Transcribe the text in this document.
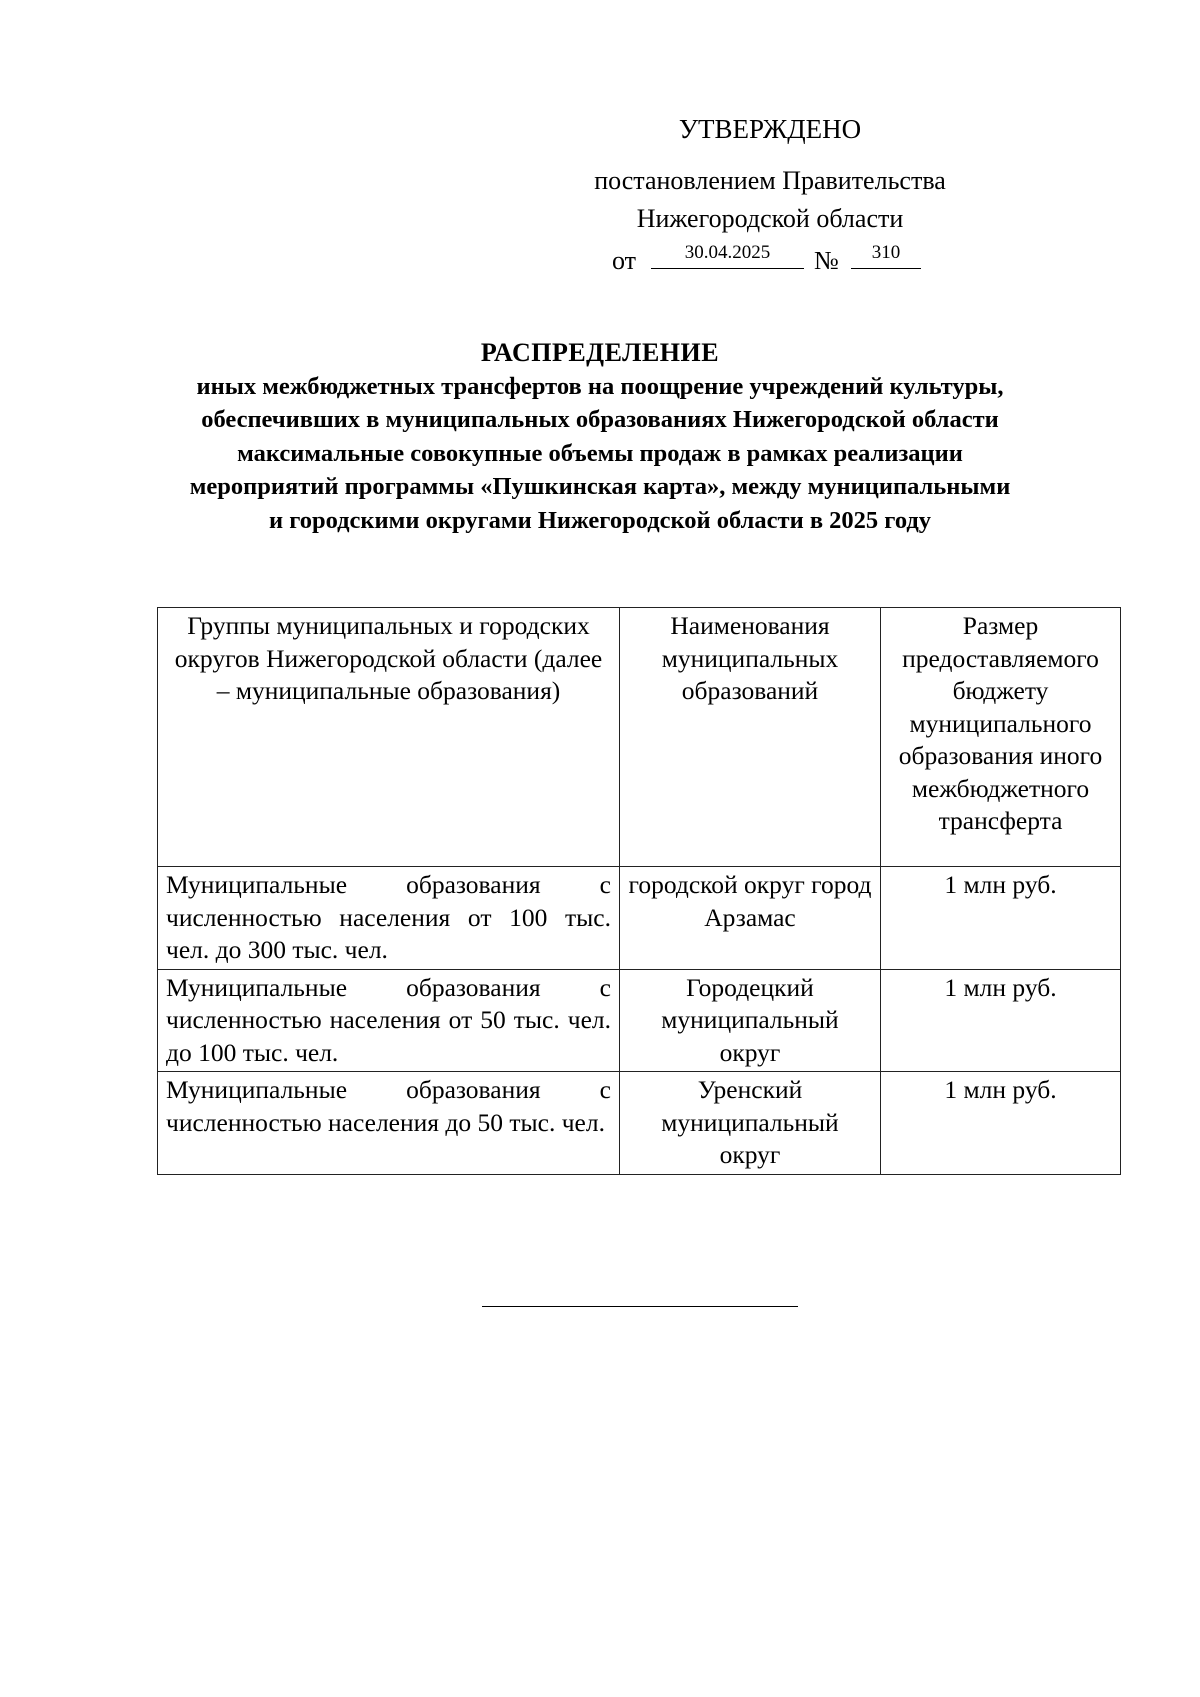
УТВЕРЖДЕНО
постановлением Правительства
Нижегородской области
от	30.04.2025	№	310
РАСПРЕДЕЛЕНИЕ
иных межбюджетных трансфертов на поощрение учреждений культуры,
обеспечивших в муниципальных образованиях Нижегородской области
максимальные совокупные объемы продаж в рамках реализации
мероприятий программы «Пушкинская карта», между муниципальными
и городскими округами Нижегородской области в 2025 году
Группы муниципальных и городских округов Нижегородской области (далее – муниципальные образования)	Наименования муниципальных образований	Размер предоставляемого бюджету муниципального образования иного межбюджетного трансферта
Муниципальные образования с численностью населения от 100 тыс. чел. до 300 тыс. чел.	городской округ город Арзамас	1 млн руб.
Муниципальные образования с численностью населения от 50 тыс. чел. до 100 тыс. чел.	Городецкий муниципальный округ	1 млн руб.
Муниципальные образования с численностью населения до 50 тыс. чел.	Уренский муниципальный округ	1 млн руб.
